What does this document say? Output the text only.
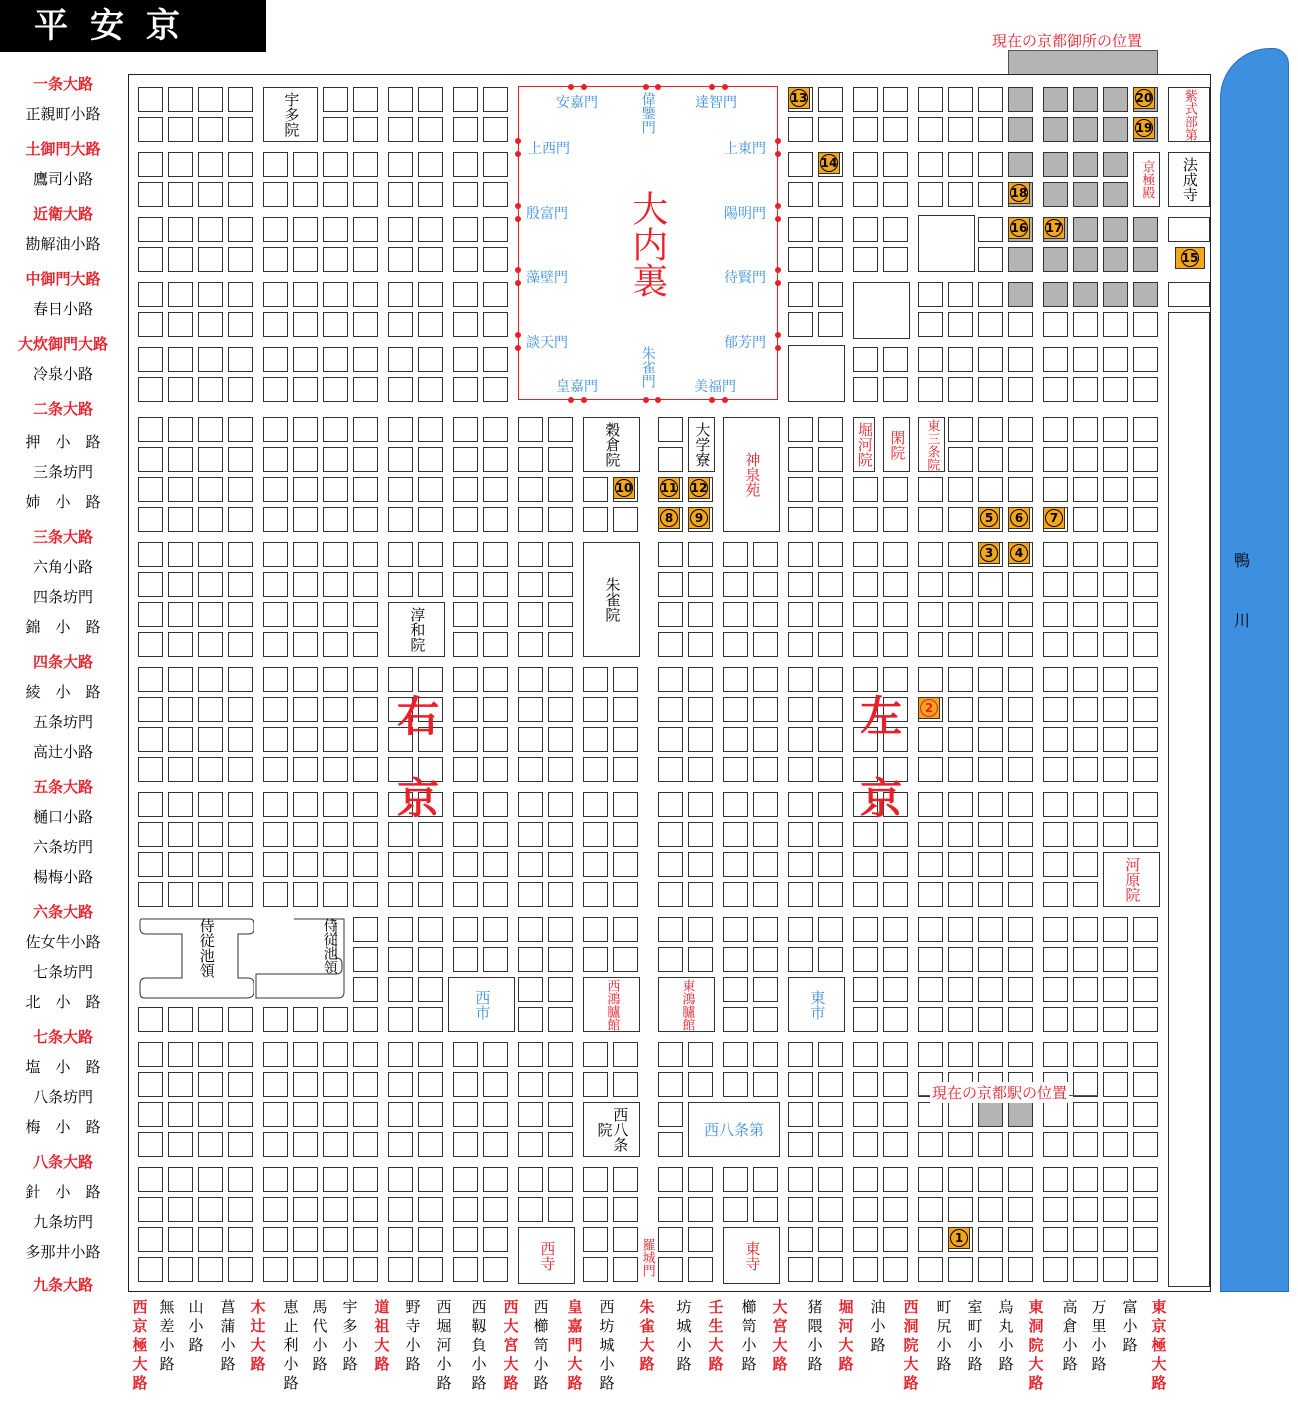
平安京	現在の京都御所の位置
鴨
川
一条大路
正親町小路
土御門大路
鷹司小路
近衛大路
勘解油小路
中御門大路
春日小路
大炊御門大路
冷泉小路
二条大路
押　小　路
三条坊門
姉　小　路
三条大路
六角小路
四条坊門
錦　小　路
四条大路
綾　小　路
五条坊門
高辻小路
五条大路
樋口小路
六条坊門
楊梅小路
六条大路
佐女牛小路
七条坊門
北　小　路
七条大路
塩　小　路
八条坊門
梅　小　路
八条大路
針　小　路
九条坊門
多那井小路
九条大路
西京極大路
無差小路
山小路
菖蒲小路
木辻大路
恵止利小路
馬代小路
宇多小路
道祖大路
野寺小路
西堀河小路
西靱負小路
西大宮大路
西櫛笥小路
皇嘉門大路
西坊城小路
朱雀大路
坊城小路
壬生大路
櫛笥小路
大宮大路
猪隈小路
堀河大路
油小路
西洞院大路
町尻小路
室町小路
烏丸小路
東洞院大路
高倉小路
万里小路
富小路
東京極大路
大内裏
宇多院
穀倉院	大学寮
神泉苑
堀河院 閑院 東三条院
朱雀院
淳和院
河原院
西市	東市
西鴻臚館	東鴻臚館
西八条院	西八条第
西寺	東寺
紫式部第
法成寺
京極殿
侍従池領	侍従池領
1
2
3	4
5	6	7
8	9
10 11 12
13
14
15
16 17
18
19
20
右京	左京
現在の京都駅の位置
安嘉門	偉鑒門	達智門
上西門	上東門
殷富門	陽明門
藻壁門	待賢門
談天門	郁芳門
皇嘉門	朱雀門	美福門
羅城門
